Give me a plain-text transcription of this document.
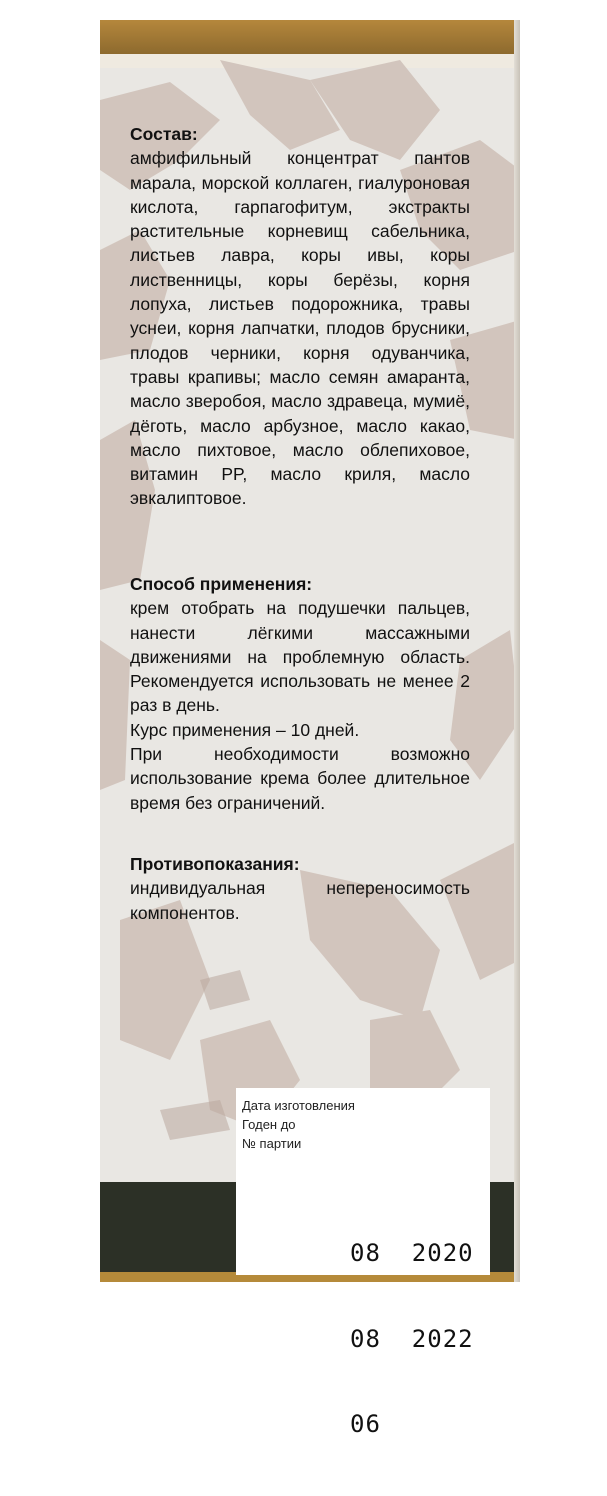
Состав:

амфифильный концентрат пантов марала, морской коллаген, гиалуроновая кислота, гарпагофитум, экстракты растительные корневищ сабельника, листьев лавра, коры ивы, коры лиственницы, коры берёзы, корня лопуха, листьев подорожника, травы уснеи, корня лапчатки, плодов брусники, плодов черники, корня одуванчика, травы крапивы; масло семян амаранта, масло зверобоя, масло здравеца, мумиё, дёготь, масло арбузное, масло какао, масло пихтовое, масло облепиховое, витамин PP, масло криля, масло эвкалиптовое.

Способ применения:

крем отобрать на подушечки пальцев, нанести лёгкими массажными движениями на проблемную область. Рекомендуется использовать не менее 2 раз в день.

Курс применения – 10 дней.

При необходимости возможно использование крема более длительное время без ограничений.

Противопоказания:

индивидуальная непереносимость компонентов.

Дата изготовления
Годен до
№ партии

08  2020

08  2022

06
